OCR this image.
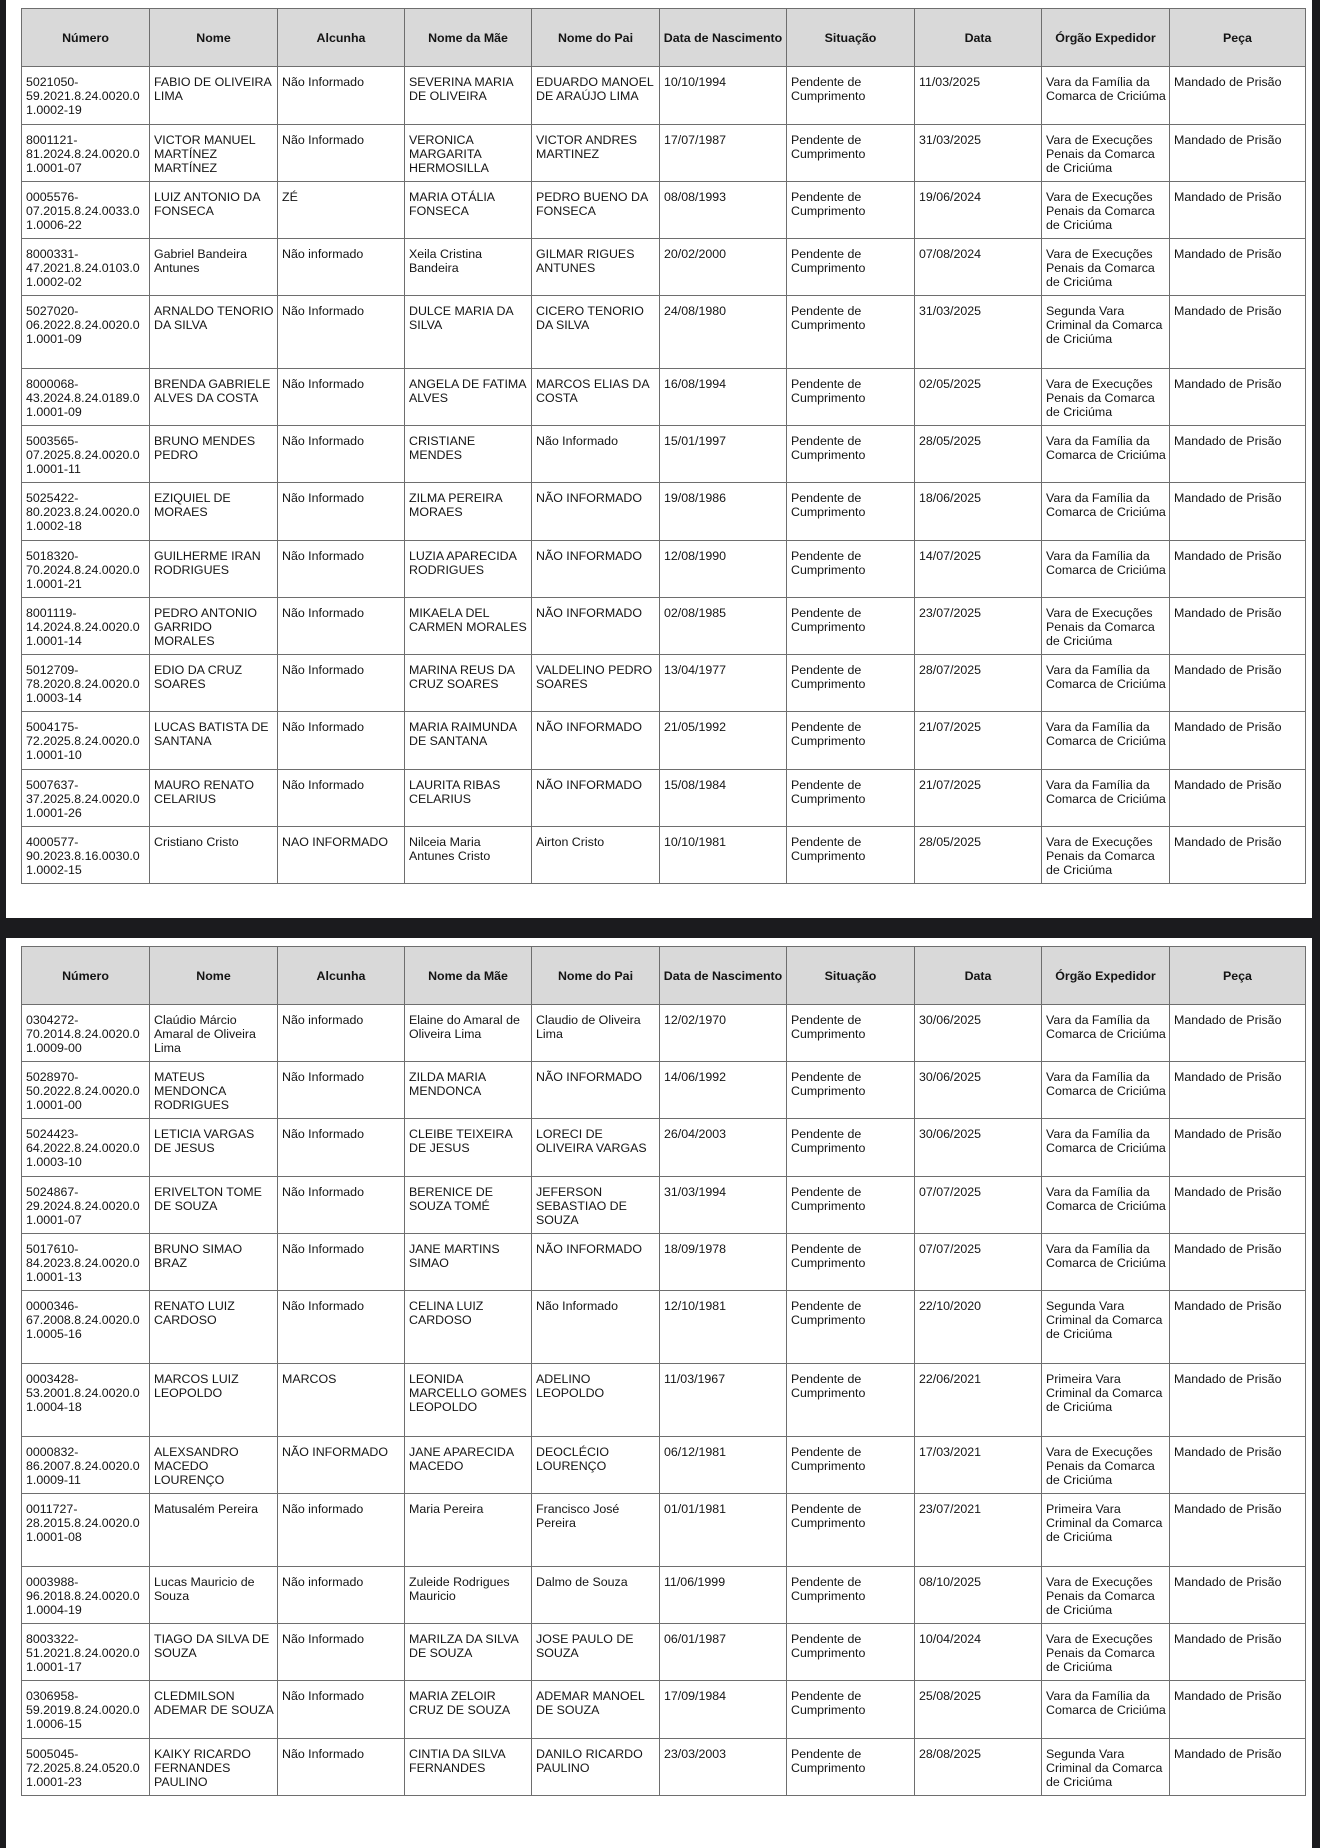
Número	Nome	Alcunha	Nome da Mãe	Nome do Pai	Data de Nascimento	Situação	Data	Órgão Expedidor	Peça
5021050-59.2021.8.24.0020.01.0002-19	FABIO DE OLIVEIRA LIMA	Não Informado	SEVERINA MARIA DE OLIVEIRA	EDUARDO MANOEL DE ARAÚJO LIMA	10/10/1994	Pendente de Cumprimento	11/03/2025	Vara da Família da Comarca de Criciúma	Mandado de Prisão
8001121-81.2024.8.24.0020.01.0001-07	VICTOR MANUEL MARTÍNEZ MARTÍNEZ	Não Informado	VERONICA MARGARITA HERMOSILLA	VICTOR ANDRES MARTINEZ	17/07/1987	Pendente de Cumprimento	31/03/2025	Vara de Execuções Penais da Comarca de Criciúma	Mandado de Prisão
0005576-07.2015.8.24.0033.01.0006-22	LUIZ ANTONIO DA FONSECA	ZÉ	MARIA OTÁLIA FONSECA	PEDRO BUENO DA FONSECA	08/08/1993	Pendente de Cumprimento	19/06/2024	Vara de Execuções Penais da Comarca de Criciúma	Mandado de Prisão
8000331-47.2021.8.24.0103.01.0002-02	Gabriel Bandeira Antunes	Não informado	Xeila Cristina Bandeira	GILMAR RIGUES ANTUNES	20/02/2000	Pendente de Cumprimento	07/08/2024	Vara de Execuções Penais da Comarca de Criciúma	Mandado de Prisão
5027020-06.2022.8.24.0020.01.0001-09	ARNALDO TENORIO DA SILVA	Não Informado	DULCE MARIA DA SILVA	CICERO TENORIO DA SILVA	24/08/1980	Pendente de Cumprimento	31/03/2025	Segunda Vara Criminal da Comarca de Criciúma	Mandado de Prisão
8000068-43.2024.8.24.0189.01.0001-09	BRENDA GABRIELE ALVES DA COSTA	Não Informado	ANGELA DE FATIMA ALVES	MARCOS ELIAS DA COSTA	16/08/1994	Pendente de Cumprimento	02/05/2025	Vara de Execuções Penais da Comarca de Criciúma	Mandado de Prisão
5003565-07.2025.8.24.0020.01.0001-11	BRUNO MENDES PEDRO	Não Informado	CRISTIANE MENDES	Não Informado	15/01/1997	Pendente de Cumprimento	28/05/2025	Vara da Família da Comarca de Criciúma	Mandado de Prisão
5025422-80.2023.8.24.0020.01.0002-18	EZIQUIEL DE MORAES	Não Informado	ZILMA PEREIRA MORAES	NÃO INFORMADO	19/08/1986	Pendente de Cumprimento	18/06/2025	Vara da Família da Comarca de Criciúma	Mandado de Prisão
5018320-70.2024.8.24.0020.01.0001-21	GUILHERME IRAN RODRIGUES	Não Informado	LUZIA APARECIDA RODRIGUES	NÃO INFORMADO	12/08/1990	Pendente de Cumprimento	14/07/2025	Vara da Família da Comarca de Criciúma	Mandado de Prisão
8001119-14.2024.8.24.0020.01.0001-14	PEDRO ANTONIO GARRIDO MORALES	Não Informado	MIKAELA DEL CARMEN MORALES	NÃO INFORMADO	02/08/1985	Pendente de Cumprimento	23/07/2025	Vara de Execuções Penais da Comarca de Criciúma	Mandado de Prisão
5012709-78.2020.8.24.0020.01.0003-14	EDIO DA CRUZ SOARES	Não Informado	MARINA REUS DA CRUZ SOARES	VALDELINO PEDRO SOARES	13/04/1977	Pendente de Cumprimento	28/07/2025	Vara da Família da Comarca de Criciúma	Mandado de Prisão
5004175-72.2025.8.24.0020.01.0001-10	LUCAS BATISTA DE SANTANA	Não Informado	MARIA RAIMUNDA DE SANTANA	NÃO INFORMADO	21/05/1992	Pendente de Cumprimento	21/07/2025	Vara da Família da Comarca de Criciúma	Mandado de Prisão
5007637-37.2025.8.24.0020.01.0001-26	MAURO RENATO CELARIUS	Não Informado	LAURITA RIBAS CELARIUS	NÃO INFORMADO	15/08/1984	Pendente de Cumprimento	21/07/2025	Vara da Família da Comarca de Criciúma	Mandado de Prisão
4000577-90.2023.8.16.0030.01.0002-15	Cristiano Cristo	NAO INFORMADO	Nilceia Maria Antunes Cristo	Airton Cristo	10/10/1981	Pendente de Cumprimento	28/05/2025	Vara de Execuções Penais da Comarca de Criciúma	Mandado de Prisão
Número	Nome	Alcunha	Nome da Mãe	Nome do Pai	Data de Nascimento	Situação	Data	Órgão Expedidor	Peça
0304272-70.2014.8.24.0020.01.0009-00	Claúdio Márcio Amaral de Oliveira Lima	Não informado	Elaine do Amaral de Oliveira Lima	Claudio de Oliveira Lima	12/02/1970	Pendente de Cumprimento	30/06/2025	Vara da Família da Comarca de Criciúma	Mandado de Prisão
5028970-50.2022.8.24.0020.01.0001-00	MATEUS MENDONCA RODRIGUES	Não Informado	ZILDA MARIA MENDONCA	NÃO INFORMADO	14/06/1992	Pendente de Cumprimento	30/06/2025	Vara da Família da Comarca de Criciúma	Mandado de Prisão
5024423-64.2022.8.24.0020.01.0003-10	LETICIA VARGAS DE JESUS	Não Informado	CLEIBE TEIXEIRA DE JESUS	LORECI DE OLIVEIRA VARGAS	26/04/2003	Pendente de Cumprimento	30/06/2025	Vara da Família da Comarca de Criciúma	Mandado de Prisão
5024867-29.2024.8.24.0020.01.0001-07	ERIVELTON TOME DE SOUZA	Não Informado	BERENICE DE SOUZA TOMÉ	JEFERSON SEBASTIAO DE SOUZA	31/03/1994	Pendente de Cumprimento	07/07/2025	Vara da Família da Comarca de Criciúma	Mandado de Prisão
5017610-84.2023.8.24.0020.01.0001-13	BRUNO SIMAO BRAZ	Não Informado	JANE MARTINS SIMAO	NÃO INFORMADO	18/09/1978	Pendente de Cumprimento	07/07/2025	Vara da Família da Comarca de Criciúma	Mandado de Prisão
0000346-67.2008.8.24.0020.01.0005-16	RENATO LUIZ CARDOSO	Não Informado	CELINA LUIZ CARDOSO	Não Informado	12/10/1981	Pendente de Cumprimento	22/10/2020	Segunda Vara Criminal da Comarca de Criciúma	Mandado de Prisão
0003428-53.2001.8.24.0020.01.0004-18	MARCOS LUIZ LEOPOLDO	MARCOS	LEONIDA MARCELLO GOMES LEOPOLDO	ADELINO LEOPOLDO	11/03/1967	Pendente de Cumprimento	22/06/2021	Primeira Vara Criminal da Comarca de Criciúma	Mandado de Prisão
0000832-86.2007.8.24.0020.01.0009-11	ALEXSANDRO MACEDO LOURENÇO	NÃO INFORMADO	JANE APARECIDA MACEDO	DEOCLÉCIO LOURENÇO	06/12/1981	Pendente de Cumprimento	17/03/2021	Vara de Execuções Penais da Comarca de Criciúma	Mandado de Prisão
0011727-28.2015.8.24.0020.01.0001-08	Matusalém Pereira	Não informado	Maria Pereira	Francisco José Pereira	01/01/1981	Pendente de Cumprimento	23/07/2021	Primeira Vara Criminal da Comarca de Criciúma	Mandado de Prisão
0003988-96.2018.8.24.0020.01.0004-19	Lucas Mauricio de Souza	Não informado	Zuleide Rodrigues Mauricio	Dalmo de Souza	11/06/1999	Pendente de Cumprimento	08/10/2025	Vara de Execuções Penais da Comarca de Criciúma	Mandado de Prisão
8003322-51.2021.8.24.0020.01.0001-17	TIAGO DA SILVA DE SOUZA	Não Informado	MARILZA DA SILVA DE SOUZA	JOSE PAULO DE SOUZA	06/01/1987	Pendente de Cumprimento	10/04/2024	Vara de Execuções Penais da Comarca de Criciúma	Mandado de Prisão
0306958-59.2019.8.24.0020.01.0006-15	CLEDMILSON ADEMAR DE SOUZA	Não Informado	MARIA ZELOIR CRUZ DE SOUZA	ADEMAR MANOEL DE SOUZA	17/09/1984	Pendente de Cumprimento	25/08/2025	Vara da Família da Comarca de Criciúma	Mandado de Prisão
5005045-72.2025.8.24.0520.01.0001-23	KAIKY RICARDO FERNANDES PAULINO	Não Informado	CINTIA DA SILVA FERNANDES	DANILO RICARDO PAULINO	23/03/2003	Pendente de Cumprimento	28/08/2025	Segunda Vara Criminal da Comarca de Criciúma	Mandado de Prisão
